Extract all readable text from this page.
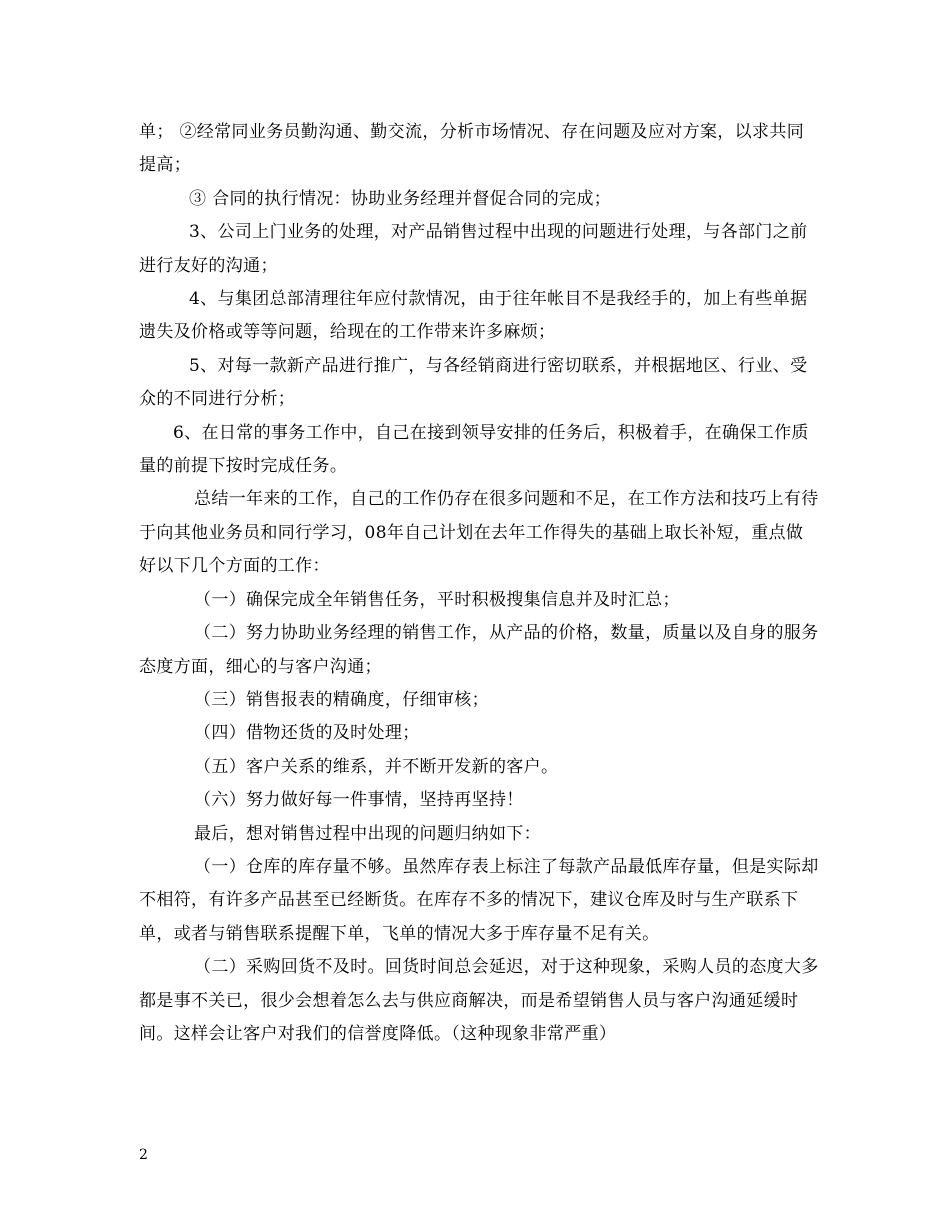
单； ②经常同业务员勤沟通、勤交流，分析市场情况、存在问题及应对方案，以求共同提高；

③ 合同的执行情况：协助业务经理并督促合同的完成；

3、公司上门业务的处理，对产品销售过程中出现的问题进行处理，与各部门之前进行友好的沟通；

4、与集团总部清理往年应付款情况，由于往年帐目不是我经手的，加上有些单据遗失及价格或等等问题，给现在的工作带来许多麻烦；

5、对每一款新产品进行推广，与各经销商进行密切联系，并根据地区、行业、受众的不同进行分析；

6、在日常的事务工作中，自己在接到领导安排的任务后，积极着手，在确保工作质量的前提下按时完成任务。

总结一年来的工作，自己的工作仍存在很多问题和不足，在工作方法和技巧上有待于向其他业务员和同行学习，08年自己计划在去年工作得失的基础上取长补短，重点做好以下几个方面的工作：

（一）确保完成全年销售任务，平时积极搜集信息并及时汇总；

（二）努力协助业务经理的销售工作，从产品的价格，数量，质量以及自身的服务态度方面，细心的与客户沟通；

（三）销售报表的精确度，仔细审核；

（四）借物还货的及时处理；

（五）客户关系的维系，并不断开发新的客户。

（六）努力做好每一件事情，坚持再坚持！

最后，想对销售过程中出现的问题归纳如下：

（一）仓库的库存量不够。虽然库存表上标注了每款产品最低库存量，但是实际却不相符，有许多产品甚至已经断货。在库存不多的情况下，建议仓库及时与生产联系下单，或者与销售联系提醒下单，飞单的情况大多于库存量不足有关。

（二）采购回货不及时。回货时间总会延迟，对于这种现象，采购人员的态度大多都是事不关已，很少会想着怎么去与供应商解决，而是希望销售人员与客户沟通延缓时间。这样会让客户对我们的信誉度降低。（这种现象非常严重）

2
